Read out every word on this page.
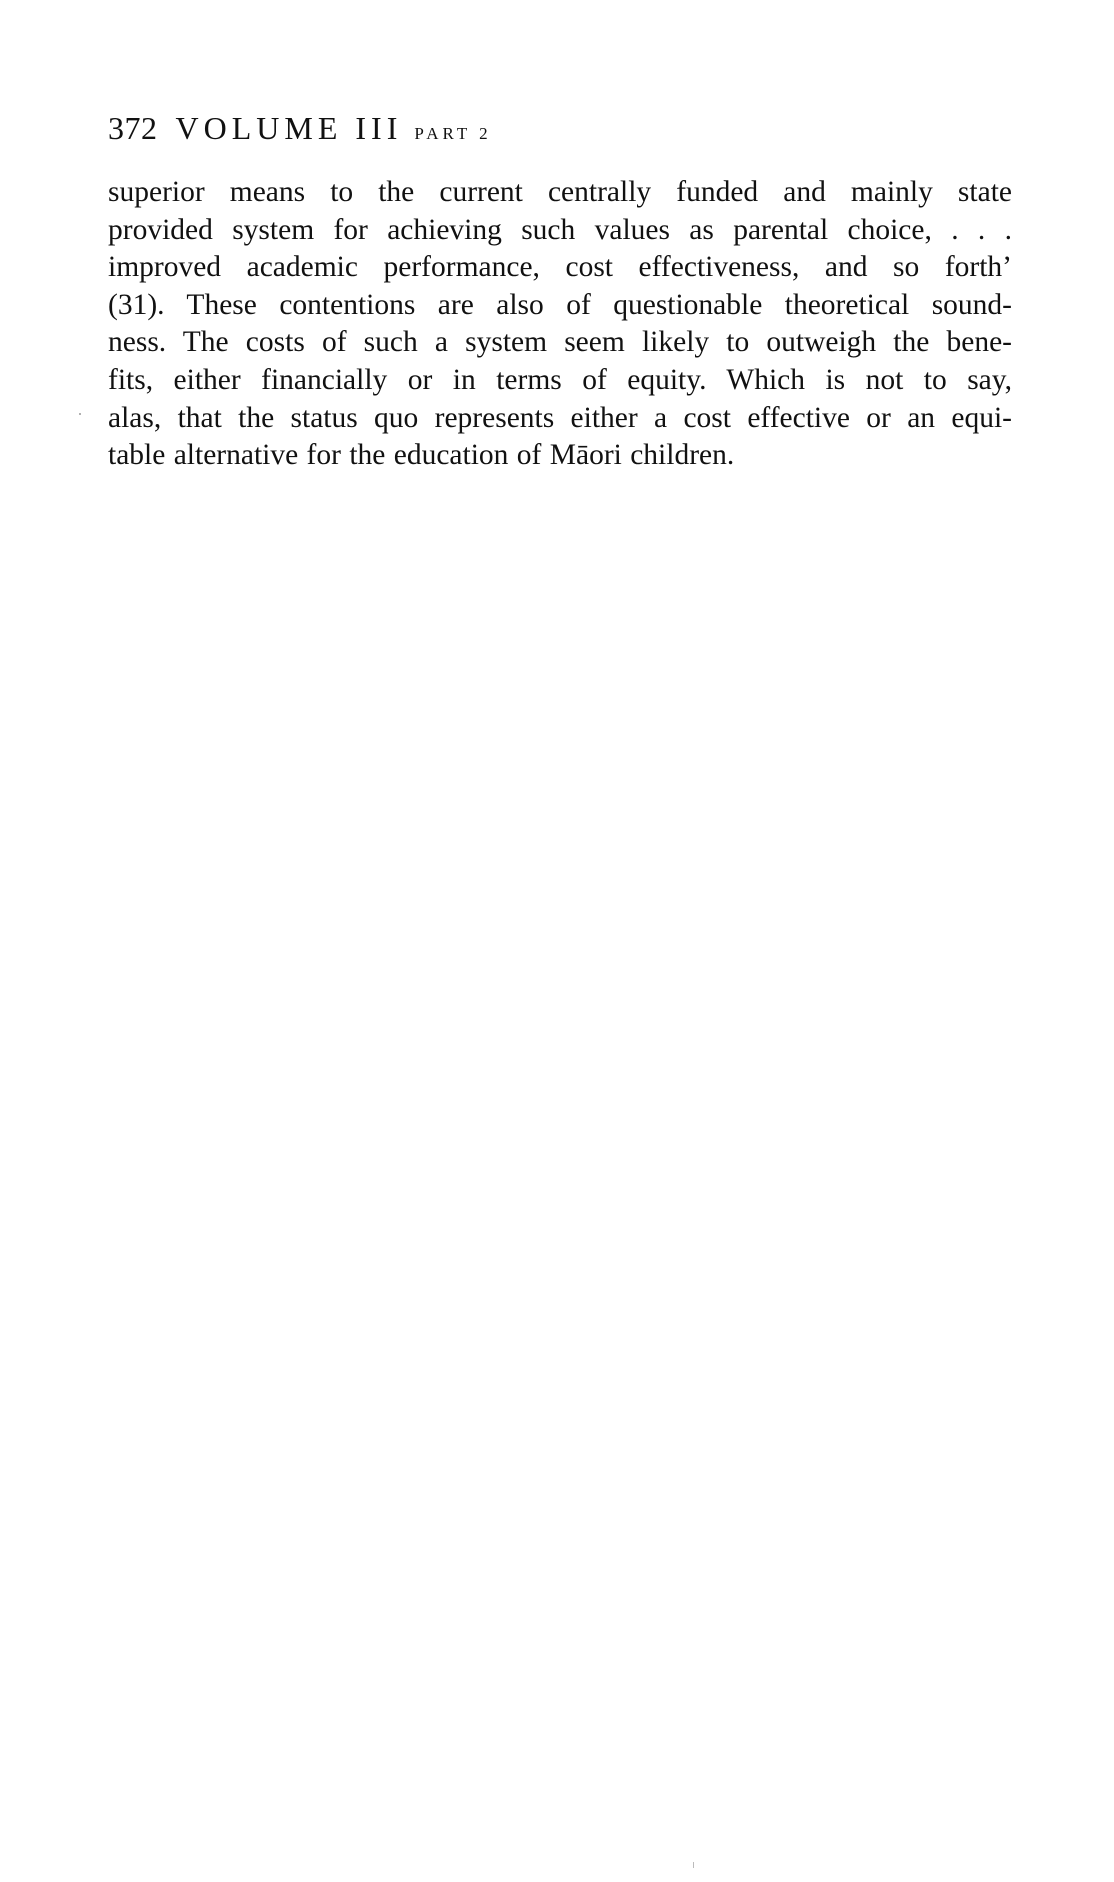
372 VOLUME III PART 2
superior means to the current centrally funded and mainly state
provided system for achieving such values as parental choice, . . .
improved academic performance, cost effectiveness, and so forth’
(31). These contentions are also of questionable theoretical sound-
ness. The costs of such a system seem likely to outweigh the bene-
fits, either financially or in terms of equity. Which is not to say,
alas, that the status quo represents either a cost effective or an equi-
table alternative for the education of Māori children.
